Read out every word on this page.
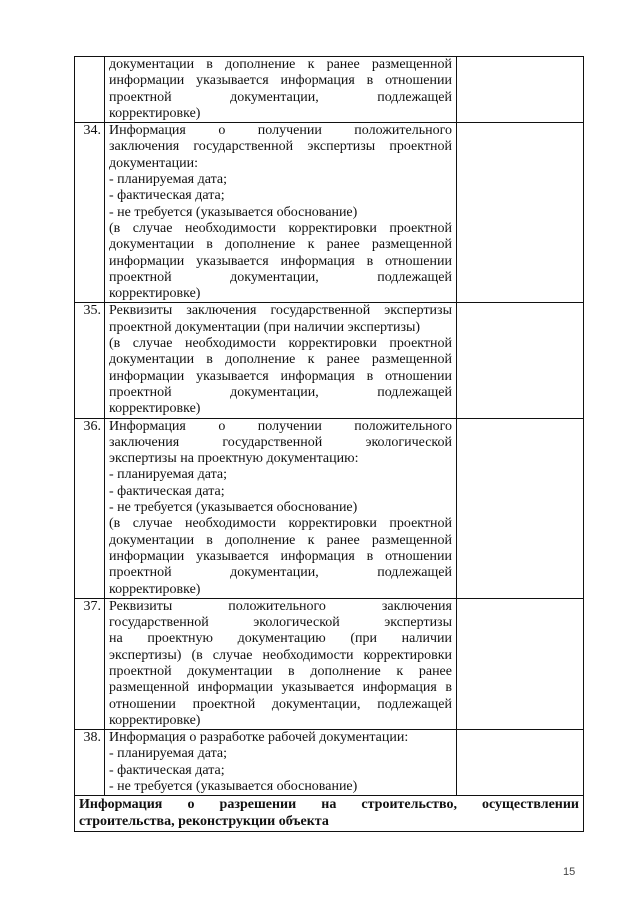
документации в дополнение к ранее размещенной

информации указывается информация в отношении

проектной документации, подлежащей

корректировке)

34. Информация о получении положительного

заключения государственной экспертизы проектной

документации:

- планируемая дата;

- фактическая дата;

- не требуется (указывается обоснование)

(в случае необходимости корректировки проектной

документации в дополнение к ранее размещенной

информации указывается информация в отношении

проектной документации, подлежащей

корректировке)

35. Реквизиты заключения государственной экспертизы

проектной документации (при наличии экспертизы)

(в случае необходимости корректировки проектной

документации в дополнение к ранее размещенной

информации указывается информация в отношении

проектной документации, подлежащей

корректировке)

36. Информация о получении положительного

заключения государственной экологической

экспертизы на проектную документацию:

- планируемая дата;

- фактическая дата;

- не требуется (указывается обоснование)

(в случае необходимости корректировки проектной

документации в дополнение к ранее размещенной

информации указывается информация в отношении

проектной документации, подлежащей

корректировке)

37. Реквизиты положительного заключения

государственной экологической экспертизы

на проектную документацию (при наличии

экспертизы) (в случае необходимости корректировки

проектной документации в дополнение к ранее

размещенной информации указывается информация в

отношении проектной документации, подлежащей

корректировке)

38. Информация о разработке рабочей документации:

- планируемая дата;

- фактическая дата;

- не требуется (указывается обоснование)

Информация о разрешении на строительство, осуществлении
строительства, реконструкции объекта
15
